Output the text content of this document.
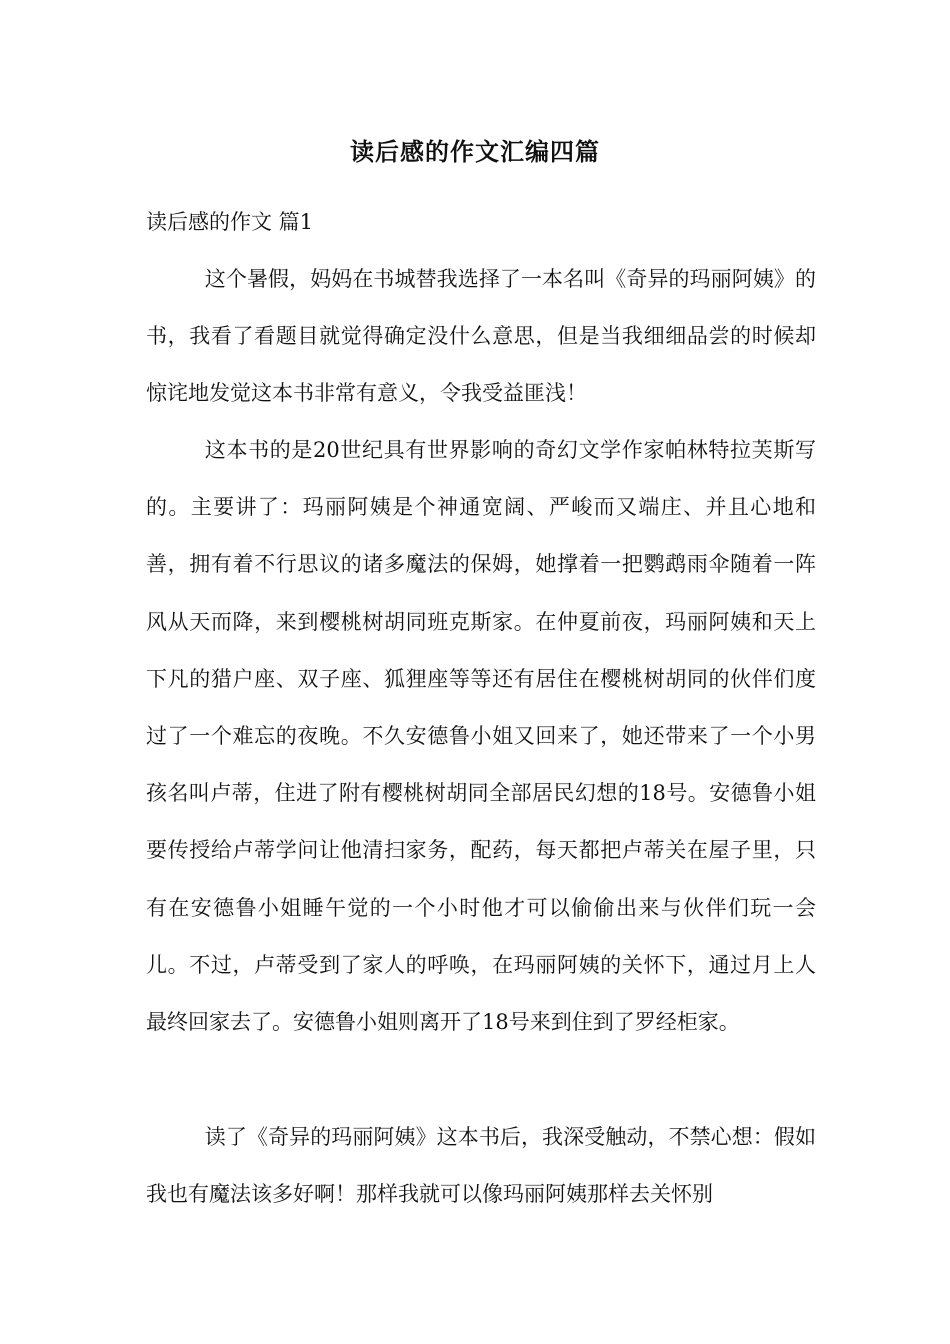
读后感的作文汇编四篇
读后感的作文 篇1

这个暑假，妈妈在书城替我选择了一本名叫《奇异的玛丽阿姨》的书，我看了看题目就觉得确定没什么意思，但是当我细细品尝的时候却惊诧地发觉这本书非常有意义，令我受益匪浅！

这本书的是20世纪具有世界影响的奇幻文学作家帕林特拉芙斯写的。主要讲了：玛丽阿姨是个神通宽阔、严峻而又端庄、并且心地和善，拥有着不行思议的诸多魔法的保姆，她撑着一把鹦鹉雨伞随着一阵风从天而降，来到樱桃树胡同班克斯家。在仲夏前夜，玛丽阿姨和天上下凡的猎户座、双子座、狐狸座等等还有居住在樱桃树胡同的伙伴们度过了一个难忘的夜晚。不久安德鲁小姐又回来了，她还带来了一个小男孩名叫卢蒂，住进了附有樱桃树胡同全部居民幻想的18号。安德鲁小姐要传授给卢蒂学问让他清扫家务，配药，每天都把卢蒂关在屋子里，只有在安德鲁小姐睡午觉的一个小时他才可以偷偷出来与伙伴们玩一会儿。不过，卢蒂受到了家人的呼唤，在玛丽阿姨的关怀下，通过月上人最终回家去了。安德鲁小姐则离开了18号来到住到了罗经柜家。

读了《奇异的玛丽阿姨》这本书后，我深受触动，不禁心想：假如我也有魔法该多好啊！那样我就可以像玛丽阿姨那样去关怀别
